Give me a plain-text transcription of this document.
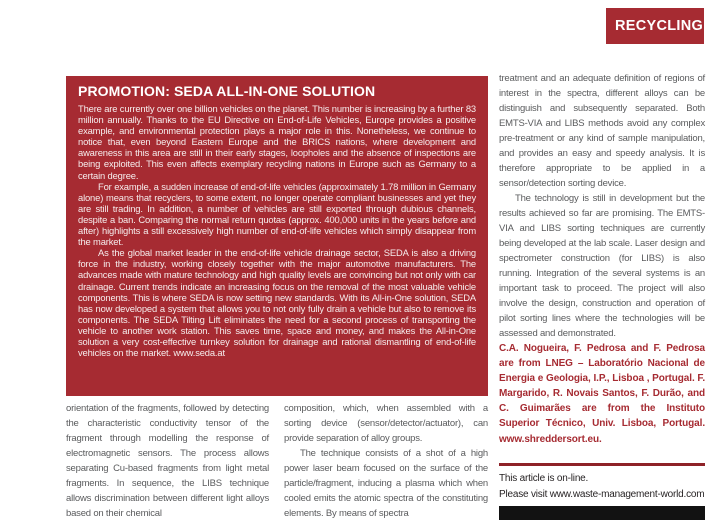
RECYCLING
PROMOTION: SEDA ALL-IN-ONE SOLUTION

There are currently over one billion vehicles on the planet. This number is increasing by a further 83 million annually. Thanks to the EU Directive on End-of-Life Vehicles, Europe provides a positive example, and environmental protection plays a major role in this. Nonetheless, we continue to notice that, even beyond Eastern Europe and the BRICS nations, where development and awareness in this area are still in their early stages, loopholes and the absence of inspections are being exploited. This even affects exemplary recycling nations in Europe such as Germany to a certain degree.

For example, a sudden increase of end-of-life vehicles (approximately 1.78 million in Germany alone) means that recyclers, to some extent, no longer operate compliant businesses and yet they are still trading. In addition, a number of vehicles are still exported through dubious channels, despite a ban. Comparing the normal return quotas (approx. 400,000 units in the years before and after) highlights a still excessively high number of end-of-life vehicles which simply disappear from the market.

As the global market leader in the end-of-life vehicle drainage sector, SEDA is also a driving force in the industry, working closely together with the major automotive manufacturers. The advances made with mature technology and high quality levels are convincing but not only with car drainage. Current trends indicate an increasing focus on the removal of the most valuable vehicle components. This is where SEDA is now setting new standards. With its All-in-One solution, SEDA has now developed a system that allows you to not only fully drain a vehicle but also to remove its components. The SEDA Tilting Lift eliminates the need for a second process of transporting the vehicle to another work station. This saves time, space and money, and makes the All-in-One solution a very cost-effective turnkey solution for drainage and rational dismantling of end-of-life vehicles on the market. www.seda.at

orientation of the fragments, followed by detecting the characteristic conductivity tensor of the fragment through modelling the response of electromagnetic sensors. The process allows separating Cu-based fragments from light metal fragments. In sequence, the LIBS technique allows discrimination between different light alloys based on their chemical

composition, which, when assembled with a sorting device (sensor/detector/actuator), can provide separation of alloy groups.

The technique consists of a shot of a high power laser beam focused on the surface of the particle/fragment, inducing a plasma which when cooled emits the atomic spectra of the constituting elements. By means of spectra

treatment and an adequate definition of regions of interest in the spectra, different alloys can be distinguish and subsequently separated. Both EMTS-VIA and LIBS methods avoid any complex pre-treatment or any kind of sample manipulation, and provides an easy and speedy analysis. It is therefore appropriate to be applied in a sensor/detection sorting device.

The technology is still in development but the results achieved so far are promising. The EMTS-VIA and LIBS sorting techniques are currently being developed at the lab scale. Laser design and spectrometer construction (for LIBS) is also running. Integration of the several systems is an important task to proceed. The project will also involve the design, construction and operation of pilot sorting lines where the technologies will be assessed and demonstrated.

C.A. Nogueira, F. Pedrosa and F. Pedrosa are from LNEG – Laboratório Nacional de Energia e Geologia, I.P., Lisboa , Portugal. F. Margarido, R. Novais Santos, F. Durão, and C. Guimarães are from the Instituto Superior Técnico, Univ. Lisboa, Portugal. www.shreddersort.eu.

This article is on-line.
Please visit www.waste-management-world.com
